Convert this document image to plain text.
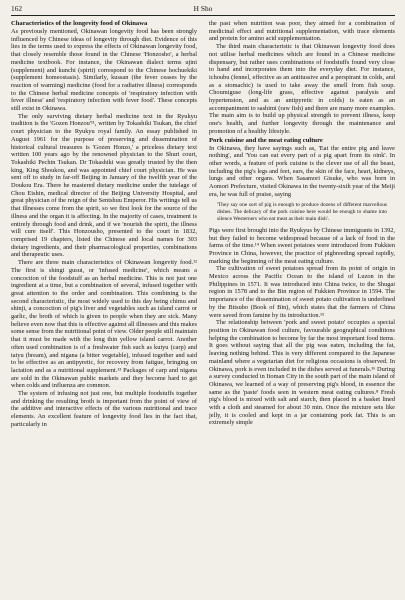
162	H Sho
Characteristics of the longevity food of Okinawa

As previously mentioned, Okinawan longevity food has been strongly influenced by Chinese ideas of longevity through diet. Evidence of this lies in the terms used to express the effects of Okinawan longevity food, that closely resemble those found in the Chinese 'Honzosho', a herbal medicine textbook. For instance, the Okinawan dialect terms ujini (supplement) and kunchi (spirit) correspond to the Chinese hochuekiki (supplement homeostasis). Similarly, kussan (the fever ceases by the reaction of warming) medicine (food for a radiative illness) corresponds to the Chinese herbal medicine concepts of 'respiratory infection with fever illness' and 'respiratory infection with fever food'. These concepts still exist in Okinawa.

The only surviving dietary herbal medicine text in the Ryukyu tradition is the 'Gozen Honzou'¹¹, written by Tokashiki Tsukan, the chief court physician to the Ryukyu royal family. An essay published in August 1961 for the purpose of preserving and dissemination of historical cultural treasures is 'Gozen Honzo,' a priceless dietary text written 100 years ago by the renowned physician to the Shuri court, Tokashiki Pechin Tsukan. Dr Tokashiki was greatly trusted by the then king, King Shoukou, and was appointed chief court physician. He was sent off to study in far-off Beijing in January of the twelfth year of the Doukou Era. There he mastered dietary medicine under the tutelage of Chou Eishin, medical director of the Beijing University Hospital, and great physician of the reign of the Sentshuu Emperor. His writings tell us that illnesses come from the spirit, so we first look for the source of the illness and the organ it is affecting. In the majority of cases, treatment is entirely through food and drink, and if we 'nourish the spirit, the illness will cure itself'. This Honzousho, presented to the court in 1832, comprised 19 chapters, listed the Chinese and local names for 303 dietary ingredients, and their pharmacological properties, combinations and therapeutic uses.

There are three main characteristics of Okinawan longevity food.¹² The first is shingi gusui, or 'infused medicine', which means a concoction of the foodstuff as an herbal medicine. This is not just one ingredient at a time, but a combination of several, infused together with great attention to the order and combination. This combining is the second characteristic, the most widely used to this day being chimu and shinji, a concoction of pig's liver and vegetables such as island carrot or garlic, the broth of which is given to people when they are sick. Many believe even now that this is effective against all illnesses and this makes some sense from the nutritional point of view. Older people still maintain that it must be made with the long thin yellow island carrot. Another often used combination is of a freshwater fish such as kuiyu (carp) and taiyu (bream), and nigana (a bitter vegetable), infused together and said to be effective as an antipyretic, for recovery from fatigue, bringing on lactation and as a nutritional supplement.¹³ Packages of carp and nigana are sold in the Okinawan public markets and they become hard to get when colds and influenza are common.

The system of infusing not just one, but multiple foodstuffs together and drinking the resulting broth is important from the point of view of the additive and interactive effects of the various nutritional and trace elements. An excellent feature of longevity food lies in the fact that, particularly in

the past when nutrition was poor, they aimed for a combination of medicinal effect and nutritional supplementation, with trace elements and protein for amino acid supplementation.

The third main characteristic is that Okinawan longevity food does not utilise herbal medicines which are found in a Chinese medicine dispensary, but rather uses combinations of foodstuffs found very close to hand and incorporates them into the everyday diet. For instance, ichoubu (fennel, effective as an antitussive and a perspirant in colds, and as a stomachic) is used to take away the smell from fish soup. Choumiguse (long-life grass, effective against paralysis and hypertension, and as an antipyretic in colds) is eaten as an accompaniment to sashimi (raw fish) and there are many more examples. The main aim is to build up physical strength to prevent illness, keep one's health, and further longevity through the maintenance and promotion of a healthy lifestyle.

Pork cuisine and the meat eating culture

In Okinawa, they have sayings such as, 'Eat the entire pig and leave nothing', and 'You can eat every part of a pig apart from its oink'. In other words, a feature of pork cuisine is the clever use of all the beast, including the pig's legs and feet, ears, the skin of the face, heart, kidneys, lungs and other organs. When Sasamori Gisuke, who was born in Aomori Prefecture, visited Okinawa in the twenty-sixth year of the Meiji era, he was full of praise, saying

'They say one sort of pig is enough to produce dozens of different marvellous dishes. The delicacy of the pork cuisine here would be enough to shame into silence Westerners who eat meat as their main dish'.

Pigs were first brought into the Ryukyus by Chinese immigrants in 1392, but they failed to become widespread because of a lack of food in the farms of the time.¹⁴ When sweet potatoes were introduced from Fukkien Province in China, however, the practice of pigbreeding spread rapidly, marking the beginning of the meat eating culture.

The cultivation of sweet potatoes spread from its point of origin in Mexico across the Pacific Ocean to the island of Luzon in the Philippines in 1571. It was introduced into China twice, to the Shugai region in 1578 and to the Bin region of Fukkien Province in 1594. The importance of the dissemination of sweet potato cultivation is underlined by the Bitsubo (Book of Bin), which states that the farmers of China were saved from famine by its introduction.¹⁵

The relationship between 'pork and sweet potato' occupies a special position in Okinawan food culture, favourable geographical conditions helping the combination to become by far the most important food items. It goes without saying that all the pig was eaten, including the fat, leaving nothing behind. This is very different compared to the Japanese mainland where a vegetarian diet for religious occasions is observed. In Okinawa, pork is even included in the dishes served at funerals.¹⁶ During a survey conducted in Itoman City in the south part of the main island of Okinawa, we learned of a way of preserving pig's blood, in essence the same as the 'paste' foods seen in western meat eating cultures.⁸ Fresh pig's blood is mixed with salt and starch, then placed in a basket lined with a cloth and steamed for about 30 min. Once the mixture sets like jelly, it is cooled and kept in a jar containing pork fat. This is an extremely simple
